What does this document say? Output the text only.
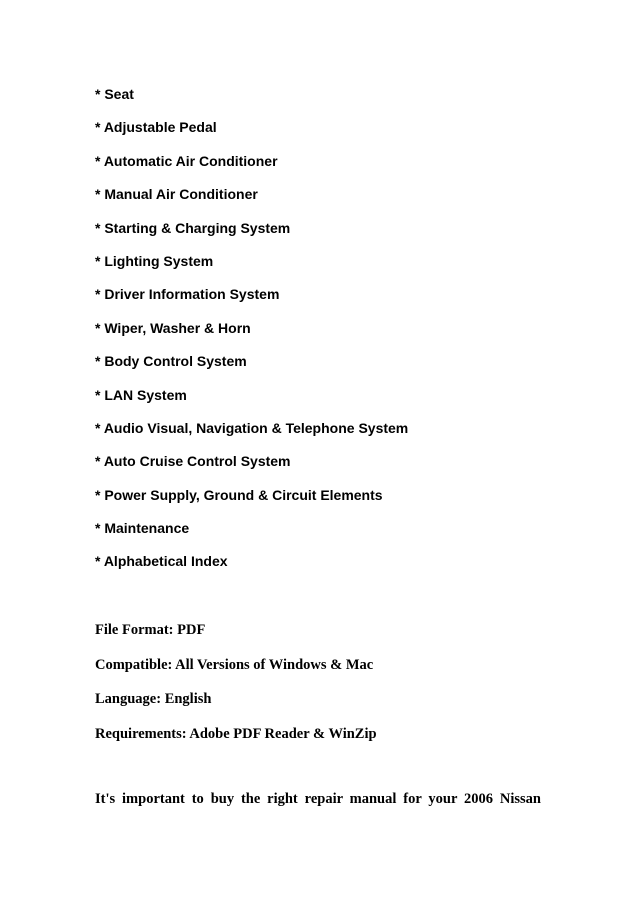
* Seat
* Adjustable Pedal
* Automatic Air Conditioner
* Manual Air Conditioner
* Starting & Charging System
* Lighting System
* Driver Information System
* Wiper, Washer & Horn
* Body Control System
* LAN System
* Audio Visual, Navigation & Telephone System
* Auto Cruise Control System
* Power Supply, Ground & Circuit Elements
* Maintenance
* Alphabetical Index
File Format: PDF
Compatible: All Versions of Windows & Mac
Language: English
Requirements: Adobe PDF Reader & WinZip

It's important to buy the right repair manual for your 2006 Nissan
